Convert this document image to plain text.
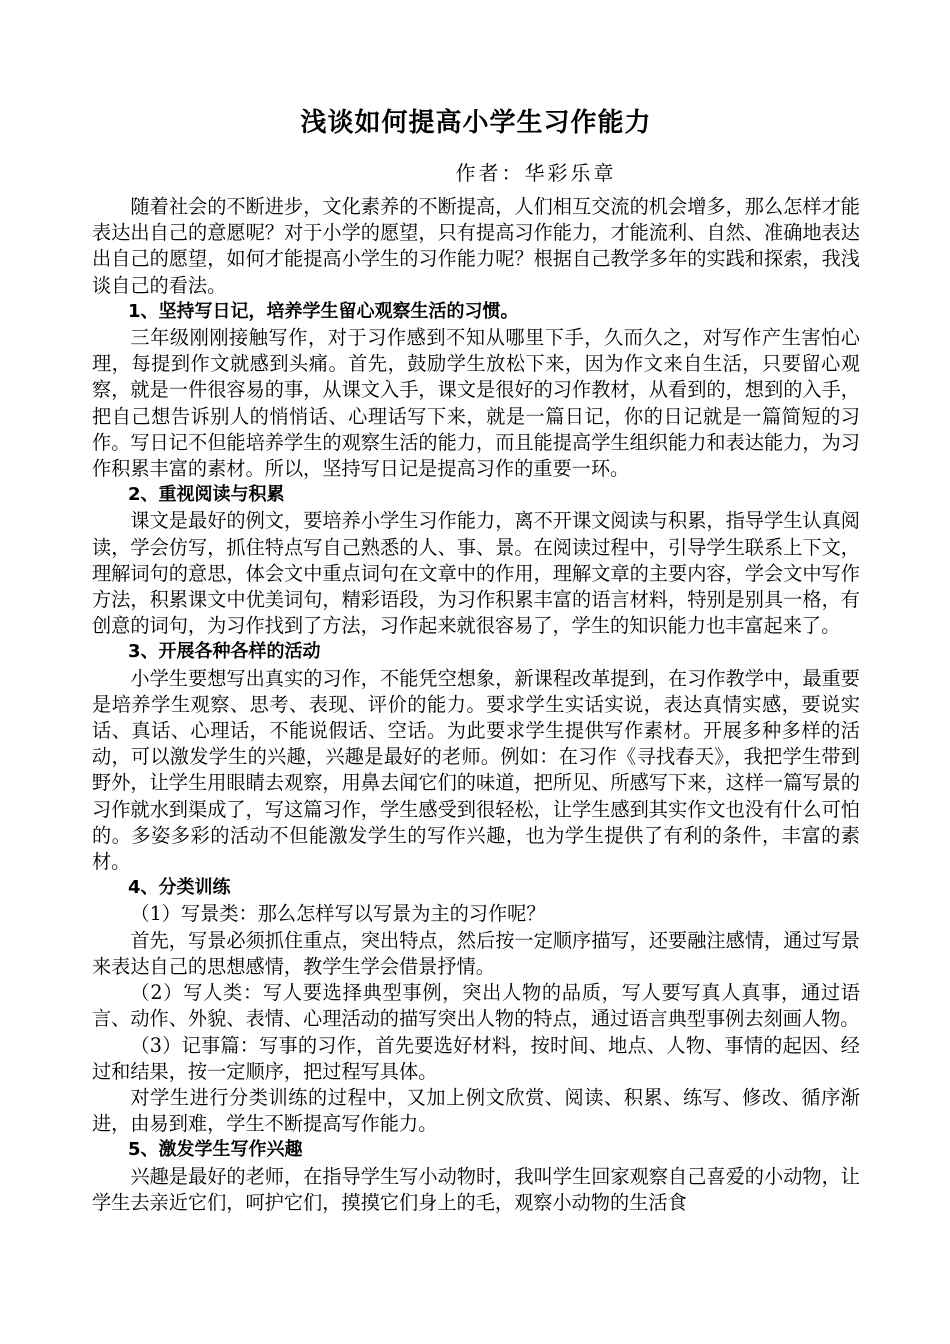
浅谈如何提高小学生习作能力
作者：华彩乐章

随着社会的不断进步，文化素养的不断提高，人们相互交流的机会增多，那么怎样才能表达出自己的意愿呢？对于小学的愿望，只有提高习作能力，才能流利、自然、准确地表达出自己的愿望，如何才能提高小学生的习作能力呢？根据自己教学多年的实践和探索，我浅谈自己的看法。

1、坚持写日记，培养学生留心观察生活的习惯。

三年级刚刚接触写作，对于习作感到不知从哪里下手，久而久之，对写作产生害怕心理，每提到作文就感到头痛。首先，鼓励学生放松下来，因为作文来自生活，只要留心观察，就是一件很容易的事，从课文入手，课文是很好的习作教材，从看到的，想到的入手，把自己想告诉别人的悄悄话、心理话写下来，就是一篇日记，你的日记就是一篇简短的习作。写日记不但能培养学生的观察生活的能力，而且能提高学生组织能力和表达能力，为习作积累丰富的素材。所以，坚持写日记是提高习作的重要一环。

2、重视阅读与积累

课文是最好的例文，要培养小学生习作能力，离不开课文阅读与积累，指导学生认真阅读，学会仿写，抓住特点写自己熟悉的人、事、景。在阅读过程中，引导学生联系上下文，理解词句的意思，体会文中重点词句在文章中的作用，理解文章的主要内容，学会文中写作方法，积累课文中优美词句，精彩语段，为习作积累丰富的语言材料，特别是别具一格，有创意的词句，为习作找到了方法，习作起来就很容易了，学生的知识能力也丰富起来了。

3、开展各种各样的活动

小学生要想写出真实的习作，不能凭空想象，新课程改革提到，在习作教学中，最重要是培养学生观察、思考、表现、评价的能力。要求学生实话实说，表达真情实感，要说实话、真话、心理话，不能说假话、空话。为此要求学生提供写作素材。开展多种多样的活动，可以激发学生的兴趣，兴趣是最好的老师。例如：在习作《寻找春天》，我把学生带到野外，让学生用眼睛去观察，用鼻去闻它们的味道，把所见、所感写下来，这样一篇写景的习作就水到渠成了，写这篇习作，学生感受到很轻松，让学生感到其实作文也没有什么可怕的。多姿多彩的活动不但能激发学生的写作兴趣，也为学生提供了有利的条件，丰富的素材。

4、分类训练

（1）写景类：那么怎样写以写景为主的习作呢？

首先，写景必须抓住重点，突出特点，然后按一定顺序描写，还要融注感情，通过写景来表达自己的思想感情，教学生学会借景抒情。

（2）写人类：写人要选择典型事例，突出人物的品质，写人要写真人真事，通过语言、动作、外貌、表情、心理活动的描写突出人物的特点，通过语言典型事例去刻画人物。

（3）记事篇：写事的习作，首先要选好材料，按时间、地点、人物、事情的起因、经过和结果，按一定顺序，把过程写具体。

对学生进行分类训练的过程中，又加上例文欣赏、阅读、积累、练写、修改、循序渐进，由易到难，学生不断提高写作能力。

5、激发学生写作兴趣

兴趣是最好的老师，在指导学生写小动物时，我叫学生回家观察自己喜爱的小动物，让学生去亲近它们，呵护它们，摸摸它们身上的毛，观察小动物的生活食
